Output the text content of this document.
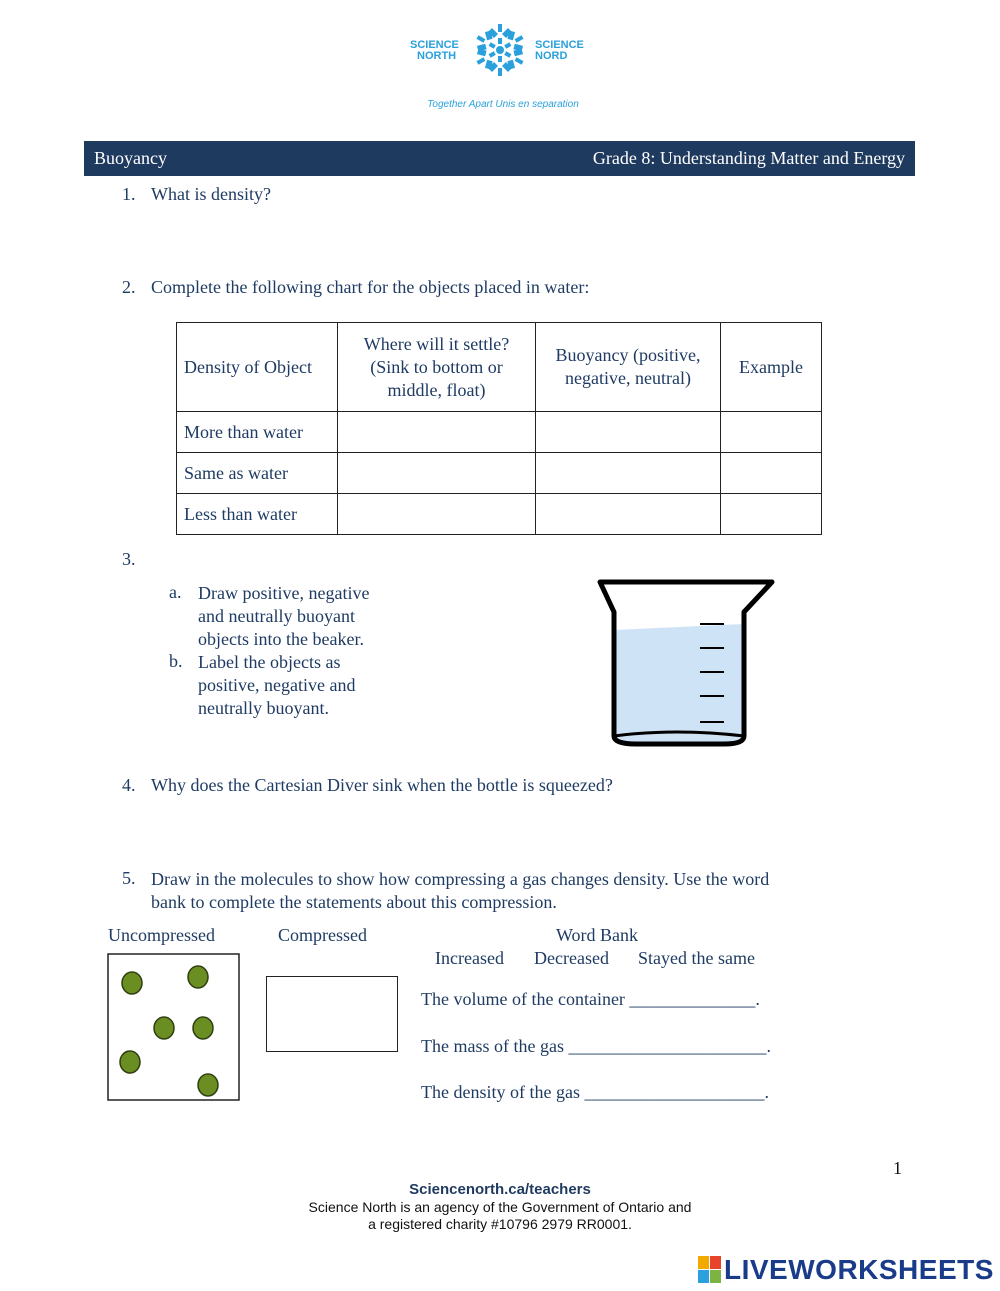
SCIENCE
NORTH
SCIENCE
NORD
Together Apart Unis en separation
Buoyancy	Grade 8: Understanding Matter and Energy
1. What is density?
2. Complete the following chart for the objects placed in water:
Density of Object	Where will it settle?
(Sink to bottom or
middle, float)	Buoyancy (positive,
negative, neutral)	Example
More than water			
Same as water			
Less than water			
3.
a. Draw positive, negative
and neutrally buoyant
objects into the beaker.
b. Label the objects as
positive, negative and
neutrally buoyant.
4. Why does the Cartesian Diver sink when the bottle is squeezed?
5. Draw in the molecules to show how compressing a gas changes density. Use the word
bank to complete the statements about this compression.
Uncompressed	Compressed	Word Bank
Increased Decreased Stayed the same
The volume of the container ______________.
The mass of the gas ______________________.
The density of the gas ____________________.
1
Sciencenorth.ca/teachers
Science North is an agency of the Government of Ontario and
a registered charity #10796 2979 RR0001.
LIVEWORKSHEETS
